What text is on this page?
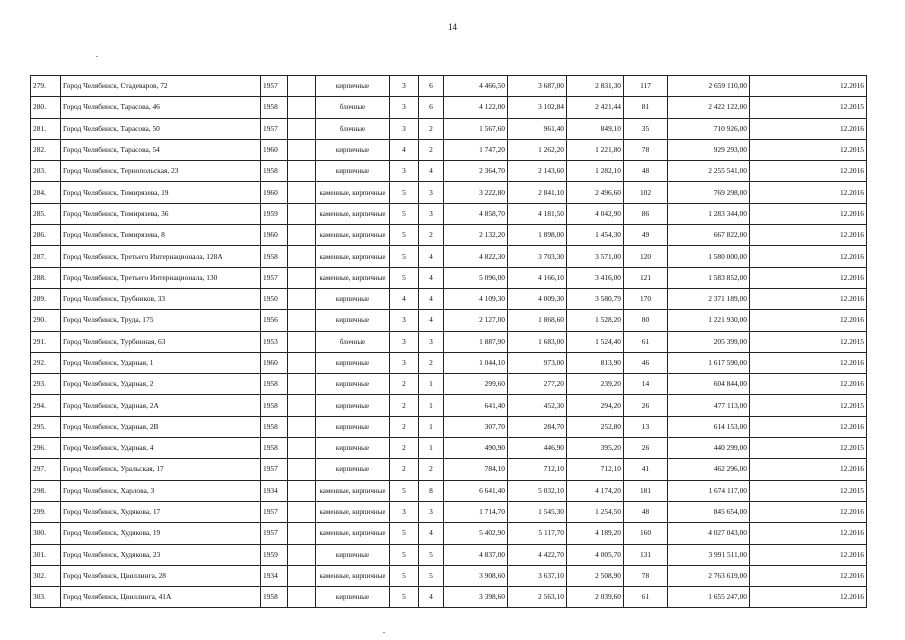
14
279.	Город Челябинск, Стадеваров, 72	1957		кирпичные	3	6	4 466,50	3 687,00	2 831,30	117	2 659 110,00	12.2016
280.	Город Челябинск, Тарасова, 46	1958		блочные	3	6	4 122,00	3 102,84	2 421,44	81	2 422 122,00	12.2015
281.	Город Челябинск, Тарасова, 50	1957		блочные	3	2	1 567,60	961,40	849,10	35	710 926,00	12.2016
282.	Город Челябинск, Тарасова, 54	1960		кирпичные	4	2	1 747,20	1 262,20	1 221,80	78	929 293,00	12.2015
283.	Город Челябинск, Тернопольская, 23	1958		кирпичные	3	4	2 364,70	2 143,60	1 282,10	48	2 255 541,00	12.2016
284.	Город Челябинск, Тимирязева, 19	1960		каменные, кирпичные	5	3	3 222,80	2 841,10	2 496,60	102	769 298,00	12.2016
285.	Город Челябинск, Тимирязева, 36	1959		каменные, кирпичные	5	3	4 858,70	4 181,50	4 042,90	86	1 283 344,00	12.2016
286.	Город Челябинск, Тимирязева, 8	1960		каменные, кирпичные	5	2	2 132,20	1 898,00	1 454,30	49	667 822,00	12.2016
287.	Город Челябинск, Третьего Интернационала, 128А	1958		каменные, кирпичные	5	4	4 822,30	3 703,30	3 571,00	120	1 580 000,00	12.2016
288.	Город Челябинск, Третьего Интернационала, 130	1957		каменные, кирпичные	5	4	5 096,00	4 166,10	3 416,00	121	1 583 852,00	12.2016
289.	Город Челябинск, Трубников, 33	1950		кирпичные	4	4	4 109,30	4 009,30	3 580,79	170	2 371 189,00	12.2016
290.	Город Челябинск, Труда, 175	1956		кирпичные	3	4	2 127,00	1 868,60	1 528,20	80	1 221 930,00	12.2016
291.	Город Челябинск, Турбинная, 63	1953		блочные	3	3	1 887,90	1 683,00	1 524,40	61	205 399,00	12.2015
292.	Город Челябинск, Ударная, 1	1960		кирпичные	3	2	1 044,10	973,00	813,90	46	1 617 590,00	12.2016
293.	Город Челябинск, Ударная, 2	1958		кирпичные	2	1	299,60	277,20	239,20	14	604 844,00	12.2016
294.	Город Челябинск, Ударная, 2А	1958		кирпичные	2	1	641,40	452,30	294,20	26	477 113,00	12.2015
295.	Город Челябинск, Ударная, 2В	1958		кирпичные	2	1	307,70	284,70	252,80	13	614 153,00	12.2016
296.	Город Челябинск, Ударная, 4	1958		кирпичные	2	1	490,90	446,90	395,20	26	440 299,00	12.2015
297.	Город Челябинск, Уральская, 17	1957		кирпичные	2	2	784,10	712,10	712,10	41	462 296,00	12.2016
298.	Город Челябинск, Харлова, 3	1934		каменные, кирпичные	5	8	6 641,40	5 032,10	4 174,20	181	1 674 117,00	12.2015
299.	Город Челябинск, Худякова, 17	1957		каменные, кирпичные	3	3	1 714,70	1 545,30	1 254,50	48	845 654,00	12.2016
300.	Город Челябинск, Худякова, 19	1957		каменные, кирпичные	5	4	5 402,90	5 117,70	4 189,20	160	4 027 043,00	12.2016
301.	Город Челябинск, Худякова, 23	1959		кирпичные	5	5	4 837,00	4 422,70	4 005,70	131	3 991 511,00	12.2016
302.	Город Челябинск, Цвиллинга, 28	1934		каменные, кирпичные	5	5	3 908,60	3 637,10	2 508,90	78	2 763 619,00	12.2016
303.	Город Челябинск, Цвиллинга, 41А	1958		кирпичные	5	4	3 398,60	2 563,10	2 039,60	61	1 655 247,00	12.2016
